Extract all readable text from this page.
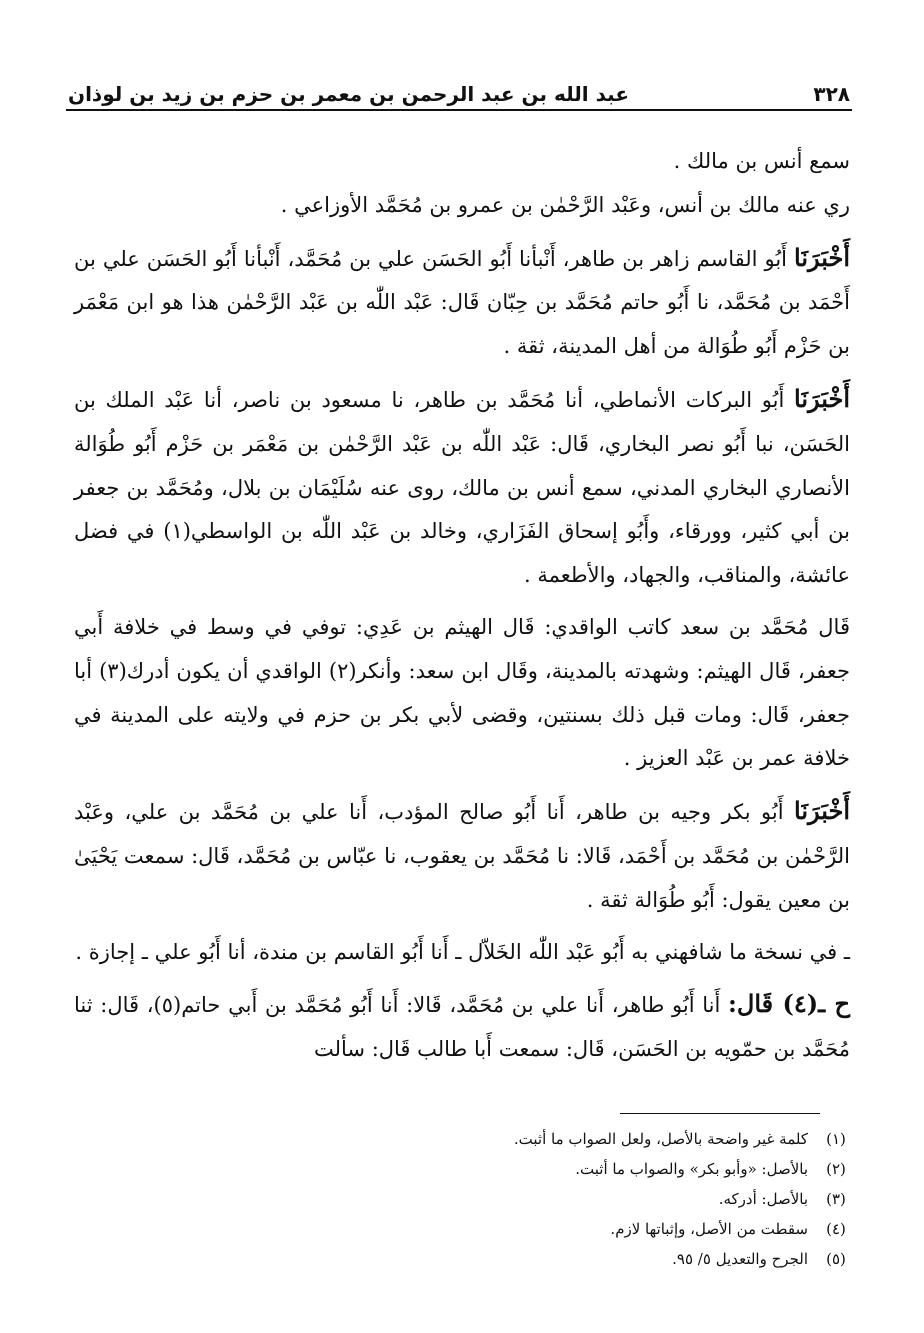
٣٢٨
عبد الله بن عبد الرحمن بن معمر بن حزم بن زيد بن لوذان

سمع أنس بن مالك .

ري عنه مالك بن أنس، وعَبْد الرَّحْمٰن بن عمرو بن مُحَمَّد الأوزاعي .

أَخْبَرَنَا أَبُو القاسم زاهر بن طاهر، أَنْبأنا أَبُو الحَسَن علي بن مُحَمَّد، أَنْبأنا أَبُو الحَسَن علي بن أَحْمَد بن مُحَمَّد، نا أَبُو حاتم مُحَمَّد بن حِبّان قَال: عَبْد اللّٰه بن عَبْد الرَّحْمٰن هذا هو ابن مَعْمَر بن حَزْم أَبُو طُوَالة من أهل المدينة، ثقة .

أَخْبَرَنَا أَبُو البركات الأنماطي، أنا مُحَمَّد بن طاهر، نا مسعود بن ناصر، أنا عَبْد الملك بن الحَسَن، نبا أَبُو نصر البخاري، قَال: عَبْد اللّٰه بن عَبْد الرَّحْمٰن بن مَعْمَر بن حَزْم أَبُو طُوَالة الأنصاري البخاري المدني، سمع أنس بن مالك، روى عنه سُلَيْمَان بن بلال، ومُحَمَّد بن جعفر بن أبي كثير، وورقاء، وأَبُو إسحاق الفَزَاري، وخالد بن عَبْد اللّٰه بن الواسطي(١) في فضل عائشة، والمناقب، والجهاد، والأطعمة .

قَال مُحَمَّد بن سعد كاتب الواقدي: قَال الهيثم بن عَدِي: توفي في وسط في خلافة أَبي جعفر، قَال الهيثم: وشهدته بالمدينة، وقَال ابن سعد: وأنكر(٢) الواقدي أن يكون أدرك(٣) أبا جعفر، قَال: ومات قبل ذلك بسنتين، وقضى لأبي بكر بن حزم في ولايته على المدينة في خلافة عمر بن عَبْد العزيز .

أَخْبَرَنَا أَبُو بكر وجيه بن طاهر، أَنا أَبُو صالح المؤدب، أَنا علي بن مُحَمَّد بن علي، وعَبْد الرَّحْمٰن بن مُحَمَّد بن أَحْمَد، قَالا: نا مُحَمَّد بن يعقوب، نا عبّاس بن مُحَمَّد، قَال: سمعت يَحْيَىٰ بن معين يقول: أَبُو طُوَالة ثقة .

ـ في نسخة ما شافهني به أَبُو عَبْد اللّٰه الخَلاّل ـ أَنا أَبُو القاسم بن مندة، أنا أَبُو علي ـ إجازة .

ح ـ(٤) قَال: أَنا أَبُو طاهر، أَنا علي بن مُحَمَّد، قَالا: أَنا أَبُو مُحَمَّد بن أَبي حاتم(٥)، قَال: ثنا مُحَمَّد بن حمّويه بن الحَسَن، قَال: سمعت أَبا طالب قَال: سألت

(١)
كلمة غير واضحة بالأصل، ولعل الصواب ما أثبت.
(٢)
بالأصل: «وأبو بكر» والصواب ما أثبت.
(٣)
بالأصل: أدركه.
(٤)
سقطت من الأصل، وإثباتها لازم.
(٥)
الجرح والتعديل ٥/ ٩٥.
